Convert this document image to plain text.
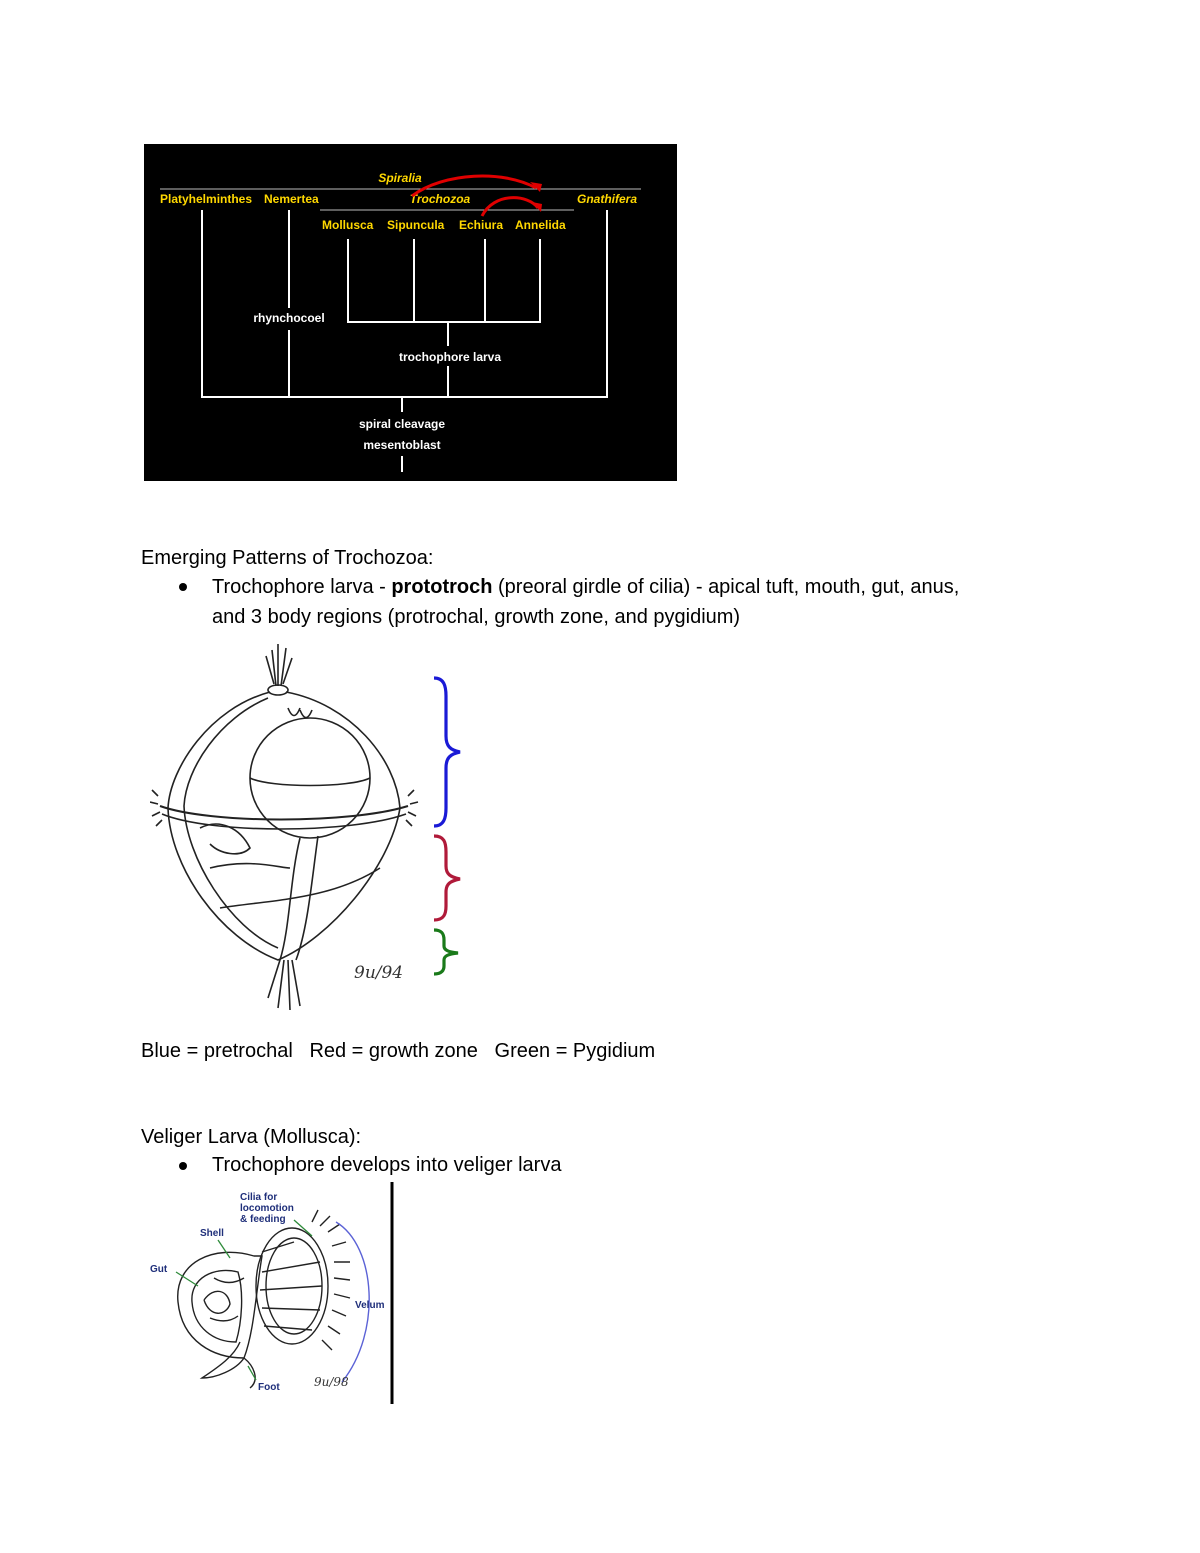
Spiralia
Platyhelminthes Nemertea	Trochozoa	Gnathifera
Mollusca Sipuncula Echiura Annelida
rhynchocoel
trochophore larva
spiral cleavage
mesentoblast
Emerging Patterns of Trochozoa:
Trochophore larva - prototroch (preoral girdle of cilia) - apical tuft, mouth, gut, anus,
and 3 body regions (protrochal, growth zone, and pygidium)
9u/94
Blue = pretrochal Red = growth zone Green = Pygidium
Veliger Larva (Mollusca):
Trochophore develops into veliger larva
Cilia for
locomotion
& feeding
Shell
Gut
Velum
Foot	9u/98
